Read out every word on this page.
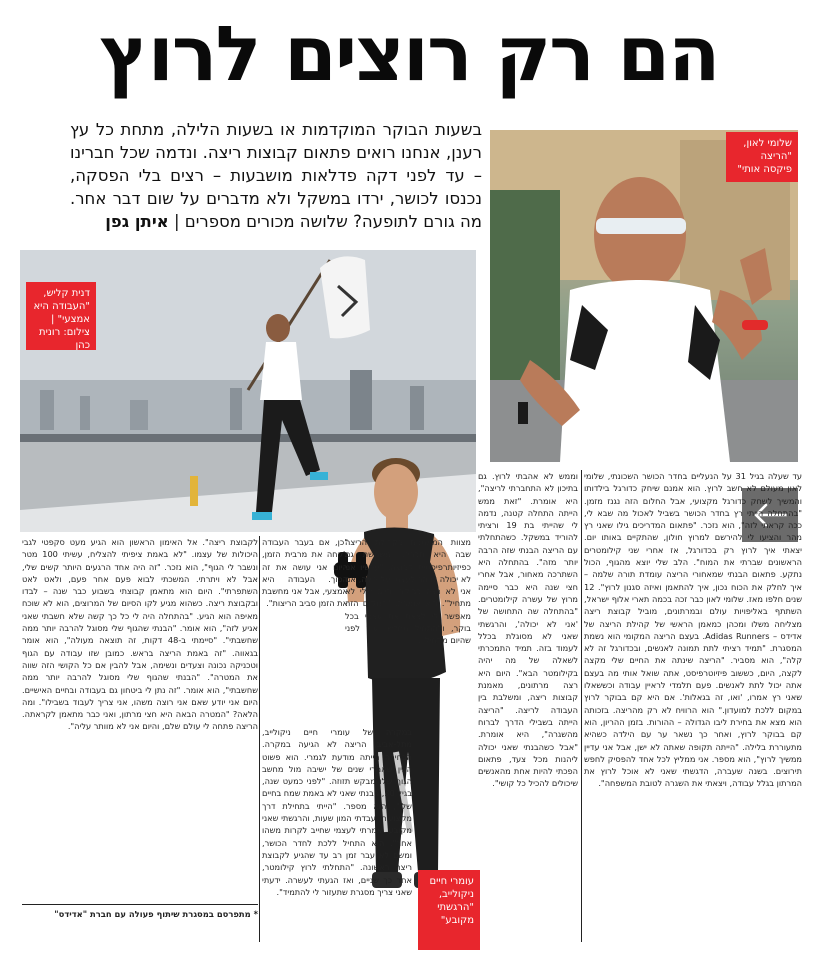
הם רק רוצים לרוץ
בשעות הבוקר המוקדמות או בשעות הלילה, מתחת כל עץ רענן, אנחנו רואים פתאום קבוצות ריצה. ונדמה שכל חברינו – עד לפני דקה פדלאות מושבעות – רצים בלי הפסקה, נכנסו לכושר, ירדו במשקל ולא מדברים על שום דבר אחר. מה גורם לתופעה? שלושה מכורים מספרים | איתן גפן
שלומי לאון, "הריצה פיקסה אותי"
דנית קליש, "העבודה היא אמצעי" | צילום: רונית כהן
עומרי חיים ניקולייב, "הרגשתי מקובע"
עד שעלה בגיל 31 על הנעליים בחדר הכושר השכונתי, שלומי לאון מעולם לא חשב לרוץ. הוא אמנם שיחק כדורגל בילדותו והמשיך לשחק כדורגל מקצועי, אבל החלום הזה נגנז מזמן. "בהתחלה הייתי רץ בחדר הכושר בשביל לאכול מה שבא לי, ככה קראתי לזה", הוא נזכר. "פתאום המדריכים גילו שאני רץ מהר והציעו לי להירשם למרוץ חולון, שהתקיים באותו יום. יצאתי איך לרוץ רק בכדורגל, אז אחרי שני קילומטרים הראשונים שברתי את המוח". הלב שלי יוצא מהגוף, הכול נתקע. פתאום הבנתי שמאחורי הריצה עומדת תורה שלמה – איך לחלק את הכוח נכון, איך להתאמן ואיזה סגנון לרוץ". 12 שנים חלפו מאז. שלומי לאון כבר זכה בכמה תארי אלוף ישראל, השתתף באליפויות עולם ובמרתונים, מוביל קבוצת ריצה מצליחה משלו ומכהן כמאמן הראשי של קהילת הריצה של אדידס – Adidas Runners. בעצם הריצה המקומי הוא נשמת המסגרת. "תמיד רציתי לתת תמונה לאנשים, ובכדורגל זה לא קלה", הוא מסביר. "הריצה שינתה את החיים שלי מקצה לקצה, היום, כששוב פיזיוטרפיסט, אתה שואל אותי מה בעצם אתה יכול לתת לאנשים. פעם תלמדי לראיין עבודה וכששאלו שאני רץ אמרו, 'ואו, זה בגאלות'. אם היא קם בבוקר לרוץ במקום ללכת למועדון." הוא הרוויח לא רק מהריצה. בזכותה הוא מצא את בחירת ליבו הגדולה – ההורות. בזמן ההריון, הוא קם בבוקר לרוץ, ואחר כך נשאר ער עם הילדה כשהיא מתעוררת בלילה. "הייתה תקופה שאתה לא ישן, אבל אני עדיין ממשיך לרוץ", הוא מספר. אני ממליץ לכל אחד להפסיק לחפש תירוצים. בשנה שעברה, הדגשתי שאני לא אוכל לרוץ את המרתון בגלל עבודה, ויצאתי את השגרה לטובת המשפחה".
וממש לא אהבתי לרוץ. גם בתיכון לא התחברתי לריצה", היא אומרת. "זאת ממש הייתה התחלה קטנה, נדמה לי שהייתי בת 19 ורציתי להוריד במשקל. כשהתחלתי עם הריצה הבנתי שזה הרבה יותר מזה". בהתחלה היא השתרכה מאחור, אבל אחרי חצי שנה היא כבר סיימה מרוץ של עשרה קילומטרים. "בהתחלה שה התחושה של 'אני לא יכולה', והרגשתי שאני לא מסוגלת בכלל לעמוד בזה. תמיד התמכרתי לשאלה של מה יהיה בקילומטר הבא". היום היא רצה מרתונים, מאמנת קבוצות ריצה, ומשלבת בין העבודה לריצה. "הריצה הייתה בשבילי הדרך לברוח מהשגרה", היא אומרת. "אבל כשהבנתי שאני יכולה ליהנות מכל צעד, פתאום הפכתי להיות אחת מהאנשים שיכולים להכיל כל קושי".
מצוות המאמנים בקהילת הריצה שבה היא חברה, ומשמשת גם כפיזיותרפיסטית קבוצה. "עכשיו אני לא יכולה לוותר לעצמי על ריצה, אם אני לא רצה בבוקר, היום שלי לא מתחיל". היא אומרת. "המקום הזה מאפשר לי לצאת את עצמי בכל בוקר, ולהתחיל מחדש, עוד לפני שהיום מתחיל".
"כן, אם בעבר העבודה לקחה את מרבית הזמן, היום אני עושה את זה הפוך. העבודה היא אמצעי, אבל אני מחשבת את הזמן סביב הריצות".
במקרה של עומרי חיים ניקולייב, מתל-אביב, הריצה לא הגיעה במקרה. הבחירה הייתה מודעת לגמרי. הוא פשוט הבין שאחרי שנים של ישיבה מול מחשב הגוף שלו מבקש תזוזה. "לפני כמעט שנה, בגיל 30, הבנתי שאני לא באמת שמח בחיים שלי", הוא מספר. "הייתי בתחילת דרך מקצועית, עבדתי המון שעות, והרגשתי שאני מקובע. אמרתי לעצמי שחייב לקרות משהו אחר". הוא התחיל ללכת לחדר הכושר, ומשם לא עבר זמן רב עד שהגיע לקבוצת ריצה ראשונה. "התחלתי לרוץ קילומטר, אחר כך שניים, ואז הגעתי לעשרה. ידעתי שאני צריך מסגרת שתעזור לי להתמיד".
לקבוצת ריצה". אל האימון הראשון הוא הגיע מעט סקפטי לגבי היכולות של עצמו. "לא באמת ציפיתי להצליח, עשיתי 100 מטר ונשבר לי הגוף", הוא נזכר. "זה היה אחד הרגעים היותר קשים שלי, אבל לא ויתרתי. המשכתי לבוא פעם אחר פעם, ולאט לאט השתפרתי". היום הוא מתאמן קבוצתי בשבוע כבר שנה – לבדו ובקבוצת ריצה. כשהוא מגיע לקו הסיום של המרוצים, הוא לא שוכח מאיפה הוא הגיע. "בהתחלה היה לי כל כך קשה שלא חשבתי שאני אגיע לזה", הוא אומר. "הבנתי שהגוף שלי מסוגל להרבה יותר ממה שחשבתי". "סיימתי ב-48 דקות, זה תוצאה מעולה", הוא אומר בגאווה. "זה באמת הריצה בראש. כמובן שזו עבודה עם הגוף וטכניקה נכונה וצעדים ונשימה, אבל להבין אם כל הקושי הזה שווה את המטרה". "הבנתי שהגוף שלי מסוגל להרבה יותר ממה שחשבתי", הוא אומר. "זה נתן לי ביטחון גם בעבודה ובחיים האישיים. היום אני יודע שאם אני רוצה משהו, אני צריך לעבוד בשבילו". ומה הלאה? "המטרה הבאה היא חצי מרתון, ואני כבר מתאמן לקראתה. הריצה פתחה לי עולם שלם, והיום אני לא מוותר עליה".
* מתפרסם במסגרת שיתוף פעולה עם חברת "אדידס"
